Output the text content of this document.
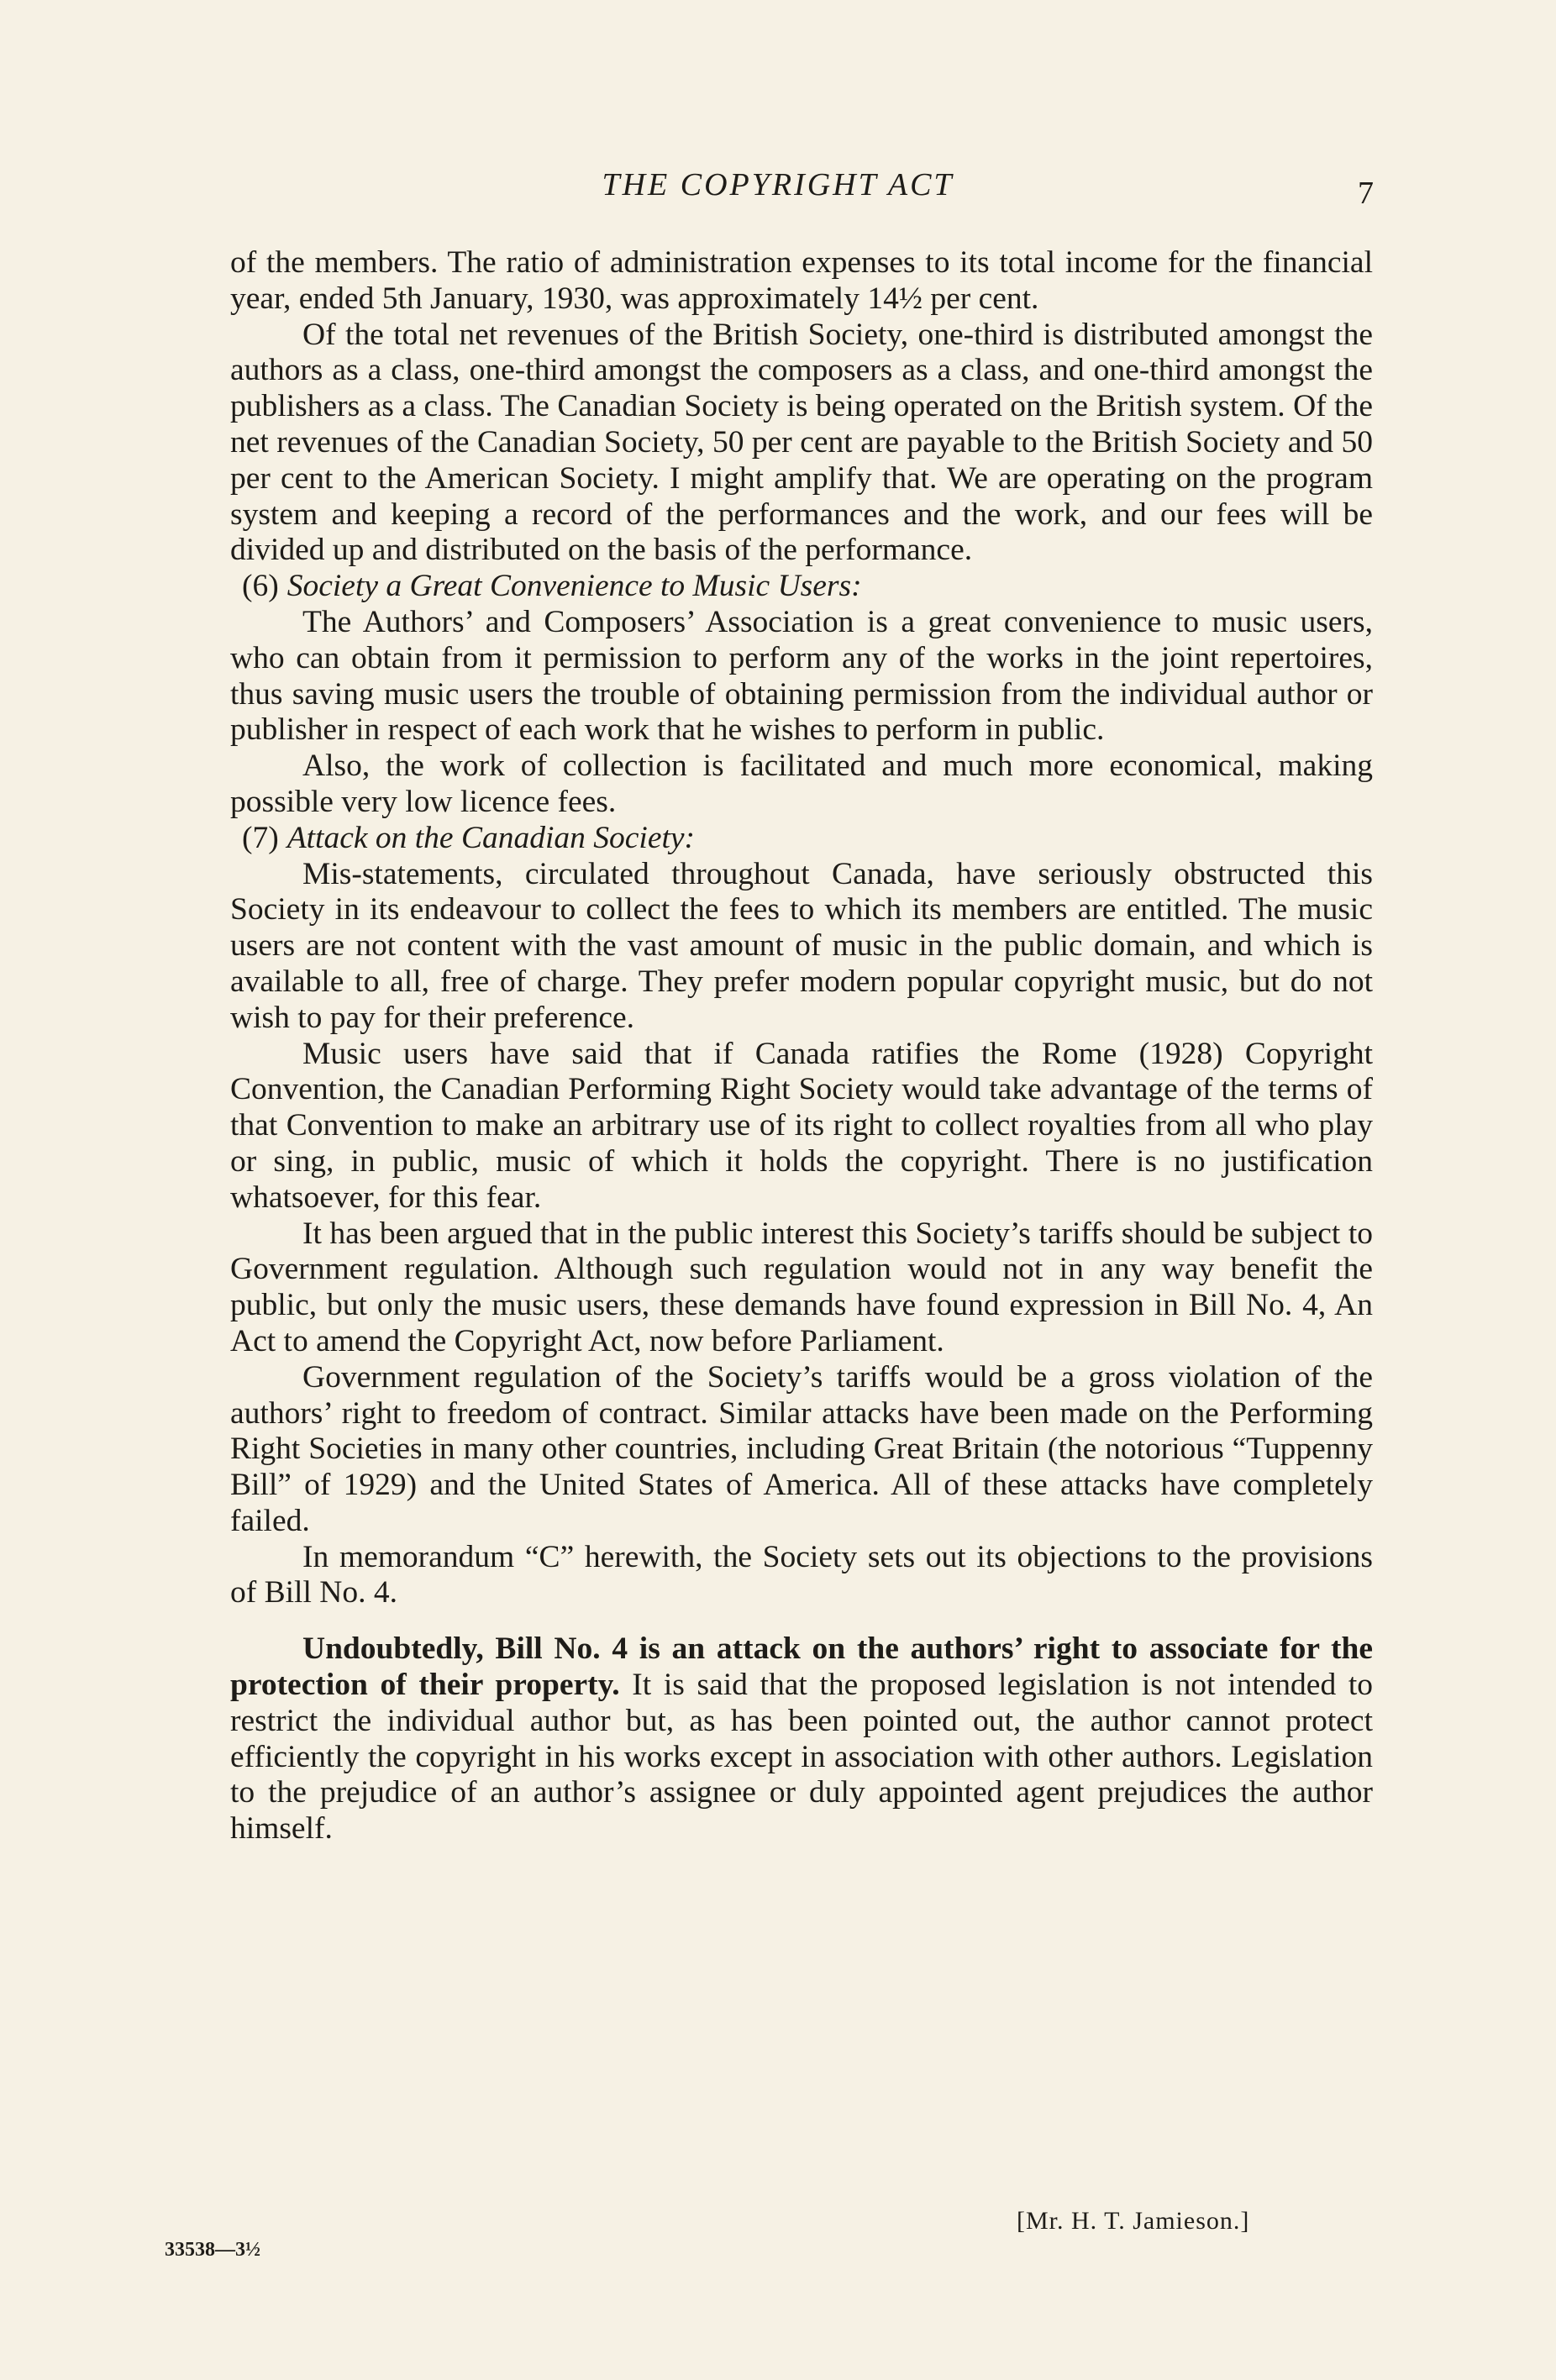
THE COPYRIGHT ACT	7

of the members. The ratio of administration expenses to its total income for the financial year, ended 5th January, 1930, was approximately 14½ per cent.

Of the total net revenues of the British Society, one-third is distributed amongst the authors as a class, one-third amongst the composers as a class, and one-third amongst the publishers as a class. The Canadian Society is being operated on the British system. Of the net revenues of the Canadian Society, 50 per cent are payable to the British Society and 50 per cent to the American Society. I might amplify that. We are operating on the program system and keeping a record of the performances and the work, and our fees will be divided up and distributed on the basis of the performance.

(6) Society a Great Convenience to Music Users:

The Authors’ and Composers’ Association is a great convenience to music users, who can obtain from it permission to perform any of the works in the joint repertoires, thus saving music users the trouble of obtaining permission from the individual author or publisher in respect of each work that he wishes to perform in public.

Also, the work of collection is facilitated and much more economical, making possible very low licence fees.

(7) Attack on the Canadian Society:

Mis-statements, circulated throughout Canada, have seriously obstructed this Society in its endeavour to collect the fees to which its members are entitled. The music users are not content with the vast amount of music in the public domain, and which is available to all, free of charge. They prefer modern popular copyright music, but do not wish to pay for their preference.

Music users have said that if Canada ratifies the Rome (1928) Copyright Convention, the Canadian Performing Right Society would take advantage of the terms of that Convention to make an arbitrary use of its right to collect royalties from all who play or sing, in public, music of which it holds the copyright. There is no justification whatsoever, for this fear.

It has been argued that in the public interest this Society’s tariffs should be subject to Government regulation. Although such regulation would not in any way benefit the public, but only the music users, these demands have found expression in Bill No. 4, An Act to amend the Copyright Act, now before Parliament.

Government regulation of the Society’s tariffs would be a gross violation of the authors’ right to freedom of contract. Similar attacks have been made on the Performing Right Societies in many other countries, including Great Britain (the notorious “Tuppenny Bill” of 1929) and the United States of America. All of these attacks have completely failed.

In memorandum “C” herewith, the Society sets out its objections to the provisions of Bill No. 4.

Undoubtedly, Bill No. 4 is an attack on the authors’ right to associate for the protection of their property. It is said that the proposed legislation is not intended to restrict the individual author but, as has been pointed out, the author cannot protect efficiently the copyright in his works except in association with other authors. Legislation to the prejudice of an author’s assignee or duly appointed agent prejudices the author himself.

[Mr. H. T. Jamieson.]
33538—3½
